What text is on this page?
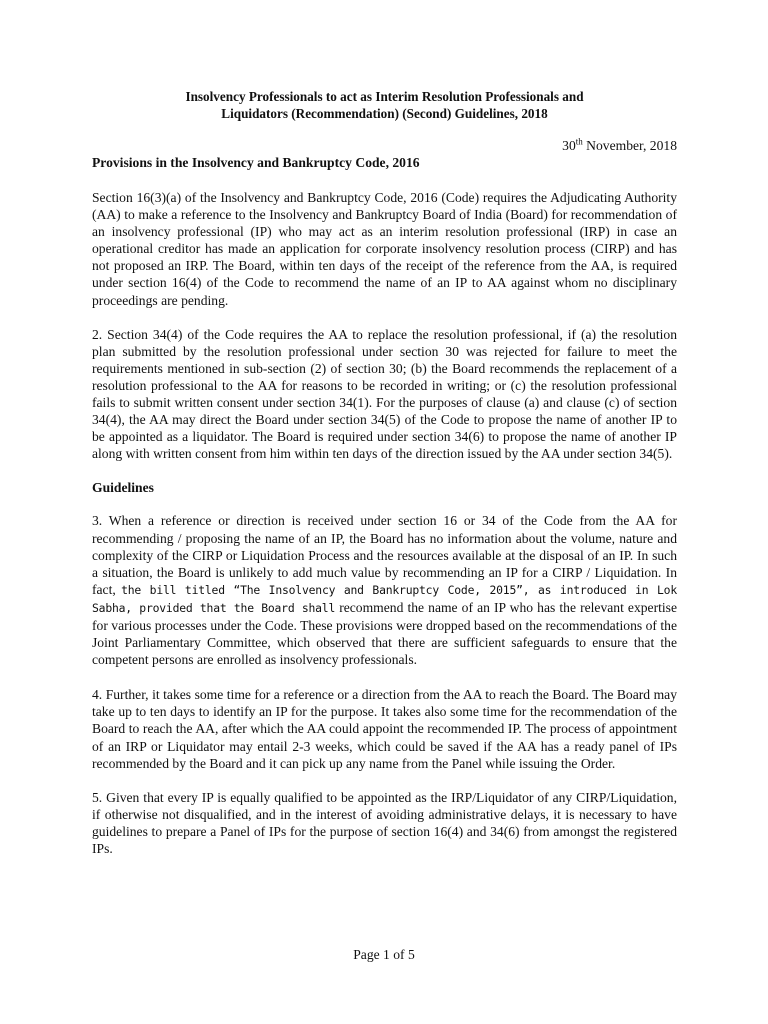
Insolvency Professionals to act as Interim Resolution Professionals and
Liquidators (Recommendation) (Second) Guidelines, 2018

30th November, 2018

Provisions in the Insolvency and Bankruptcy Code, 2016

Section 16(3)(a) of the Insolvency and Bankruptcy Code, 2016 (Code) requires the Adjudicating Authority (AA) to make a reference to the Insolvency and Bankruptcy Board of India (Board) for recommendation of an insolvency professional (IP) who may act as an interim resolution professional (IRP) in case an operational creditor has made an application for corporate insolvency resolution process (CIRP) and has not proposed an IRP. The Board, within ten days of the receipt of the reference from the AA, is required under section 16(4) of the Code to recommend the name of an IP to AA against whom no disciplinary proceedings are pending.

2. Section 34(4) of the Code requires the AA to replace the resolution professional, if (a) the resolution plan submitted by the resolution professional under section 30 was rejected for failure to meet the requirements mentioned in sub-section (2) of section 30; (b) the Board recommends the replacement of a resolution professional to the AA for reasons to be recorded in writing; or (c) the resolution professional fails to submit written consent under section 34(1). For the purposes of clause (a) and clause (c) of section 34(4), the AA may direct the Board under section 34(5) of the Code to propose the name of another IP to be appointed as a liquidator. The Board is required under section 34(6) to propose the name of another IP along with written consent from him within ten days of the direction issued by the AA under section 34(5).

Guidelines

3. When a reference or direction is received under section 16 or 34 of the Code from the AA for recommending / proposing the name of an IP, the Board has no information about the volume, nature and complexity of the CIRP or Liquidation Process and the resources available at the disposal of an IP. In such a situation, the Board is unlikely to add much value by recommending an IP for a CIRP / Liquidation. In fact, the bill titled “The Insolvency and Bankruptcy Code, 2015”, as introduced in Lok Sabha, provided that the Board shall recommend the name of an IP who has the relevant expertise for various processes under the Code. These provisions were dropped based on the recommendations of the Joint Parliamentary Committee, which observed that there are sufficient safeguards to ensure that the competent persons are enrolled as insolvency professionals.

4. Further, it takes some time for a reference or a direction from the AA to reach the Board. The Board may take up to ten days to identify an IP for the purpose. It takes also some time for the recommendation of the Board to reach the AA, after which the AA could appoint the recommended IP. The process of appointment of an IRP or Liquidator may entail 2-3 weeks, which could be saved if the AA has a ready panel of IPs recommended by the Board and it can pick up any name from the Panel while issuing the Order.

5. Given that every IP is equally qualified to be appointed as the IRP/Liquidator of any CIRP/Liquidation, if otherwise not disqualified, and in the interest of avoiding administrative delays, it is necessary to have guidelines to prepare a Panel of IPs for the purpose of section 16(4) and 34(6) from amongst the registered IPs.

Page 1 of 5
